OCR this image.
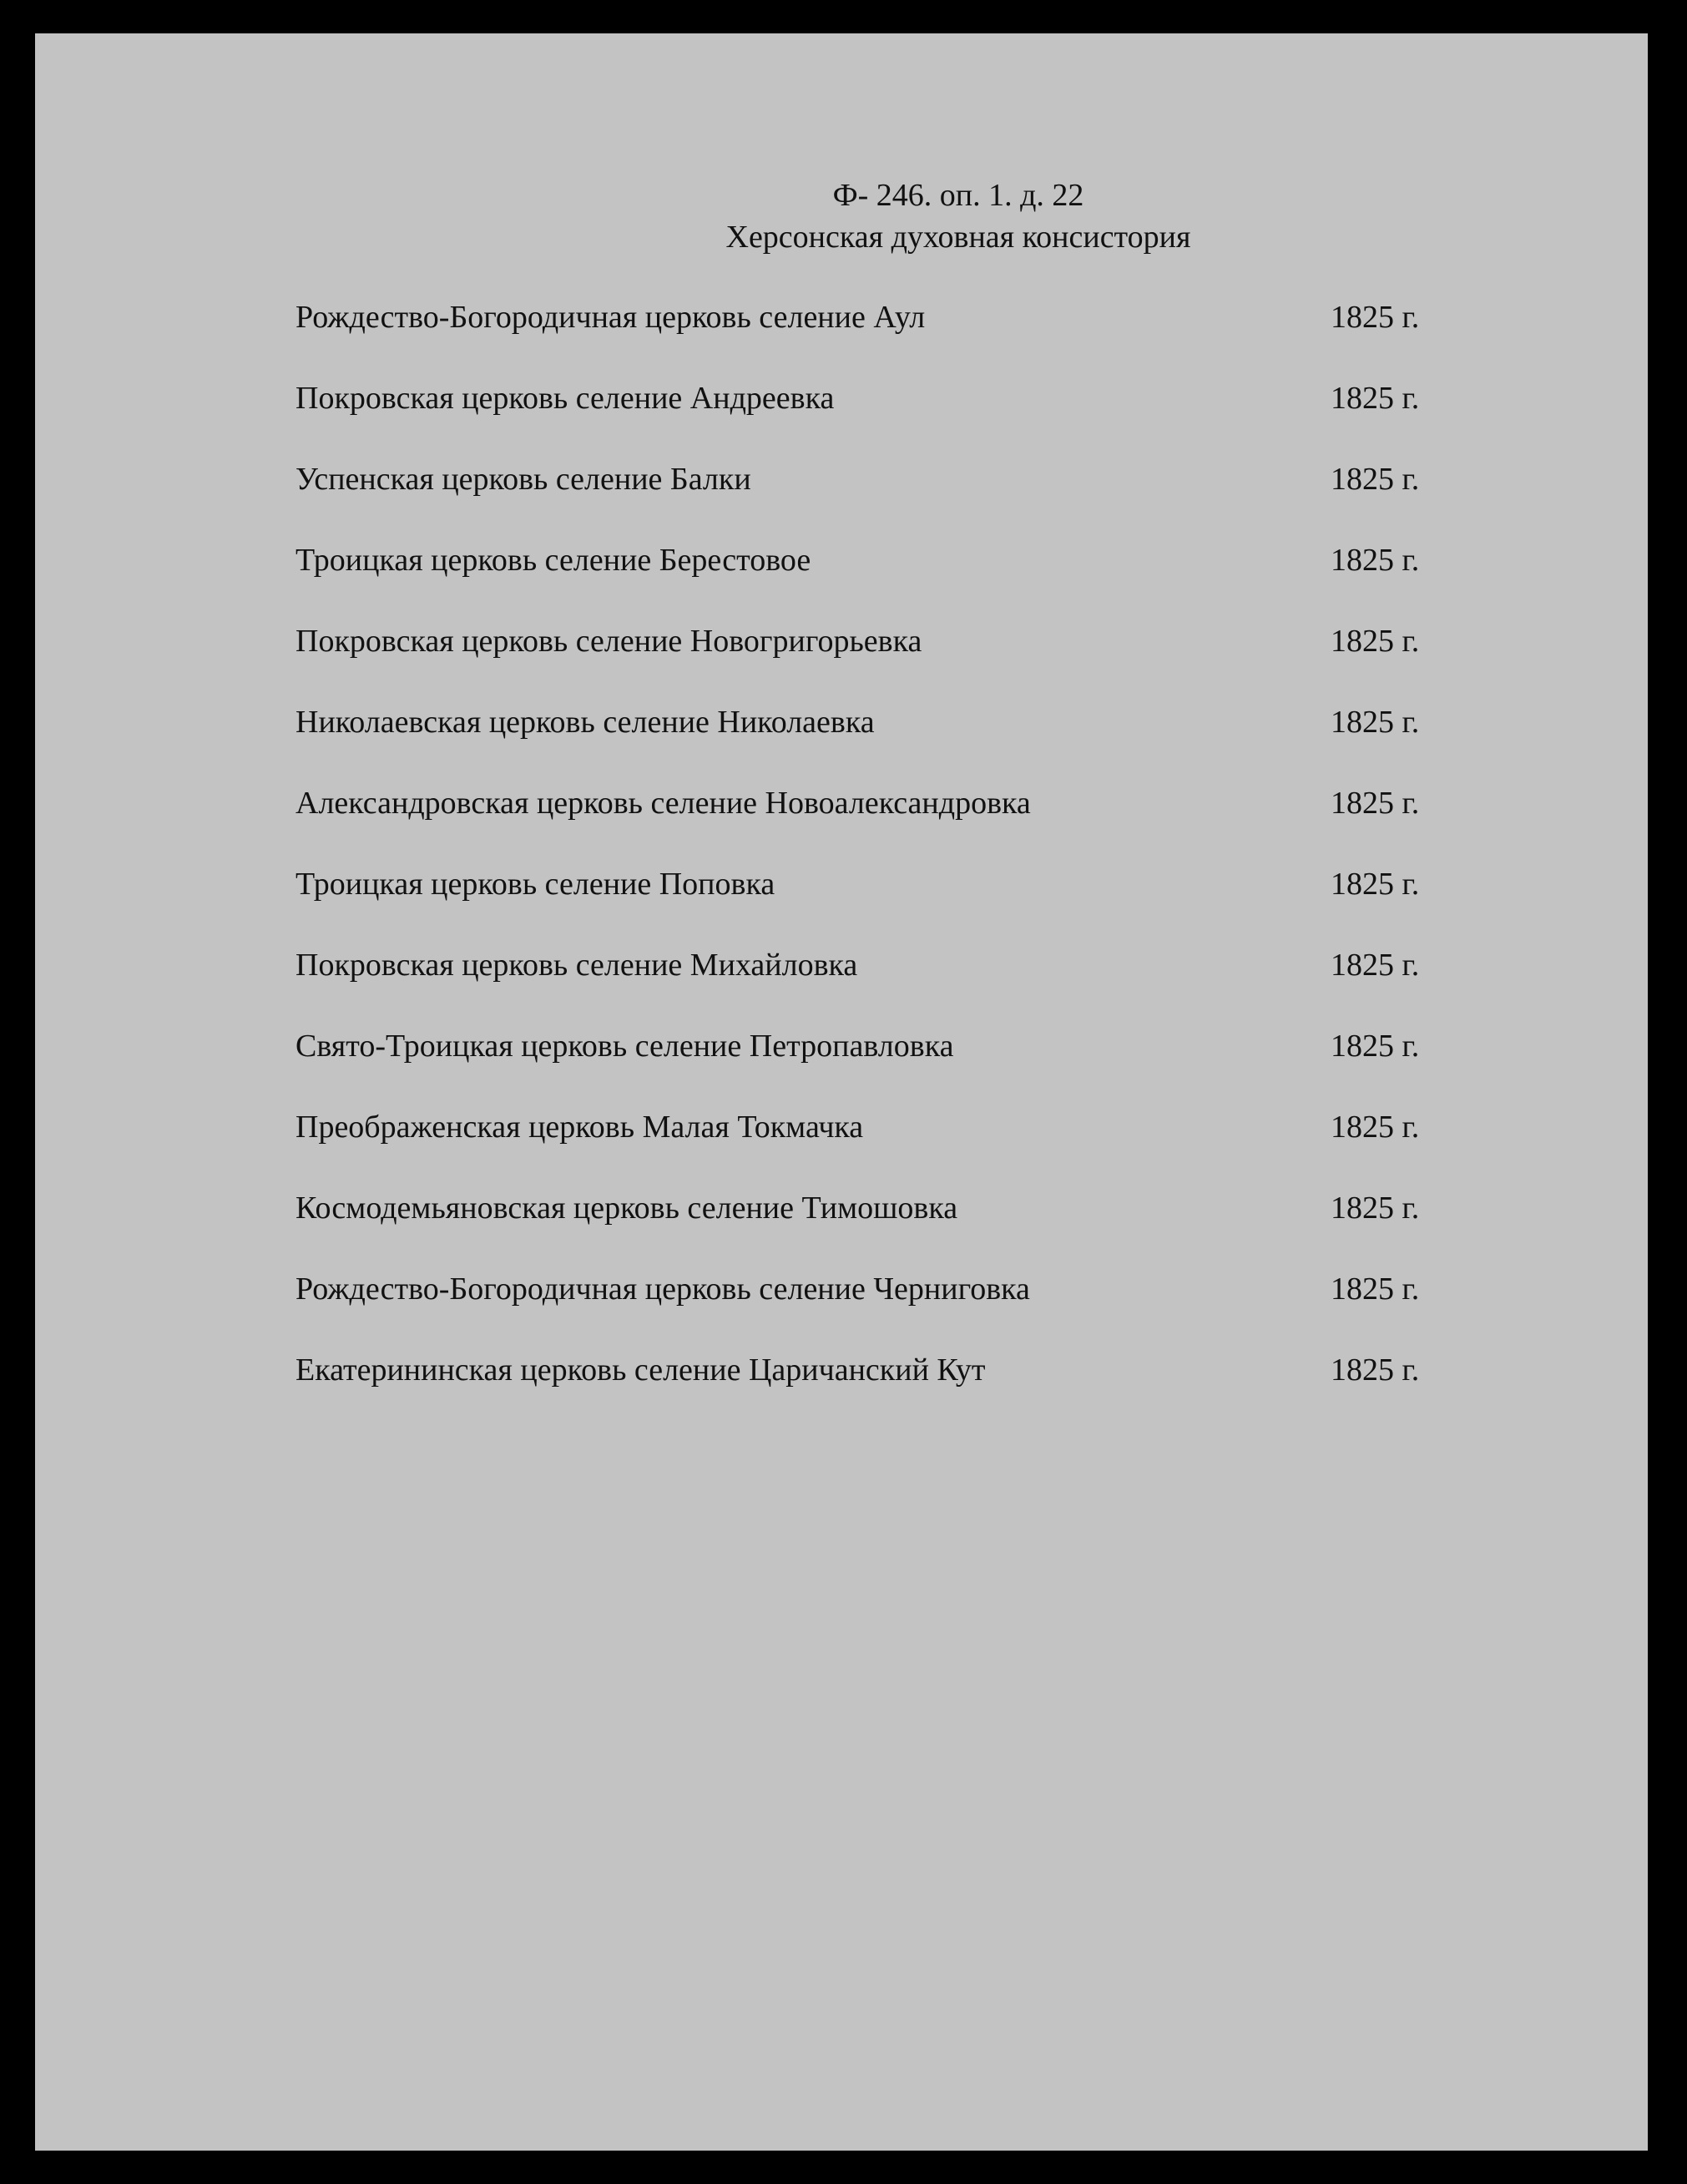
Ф- 246. оп. 1. д. 22
Херсонская духовная консистория
Рождество-Богородичная церковь селение Аул	1825 г.
Покровская церковь селение Андреевка	1825 г.
Успенская церковь селение Балки	1825 г.
Троицкая церковь селение Берестовое	1825 г.
Покровская церковь селение Новогригорьевка	1825 г.
Николаевская церковь селение Николаевка	1825 г.
Александровская церковь селение Новоалександровка	1825 г.
Троицкая церковь селение Поповка	1825 г.
Покровская церковь селение Михайловка	1825 г.
Свято-Троицкая церковь селение Петропавловка	1825 г.
Преображенская церковь Малая Токмачка	1825 г.
Космодемьяновская церковь селение Тимошовка	1825 г.
Рождество-Богородичная церковь селение Черниговка	1825 г.
Екатерининская церковь селение Царичанский Кут	1825 г.
